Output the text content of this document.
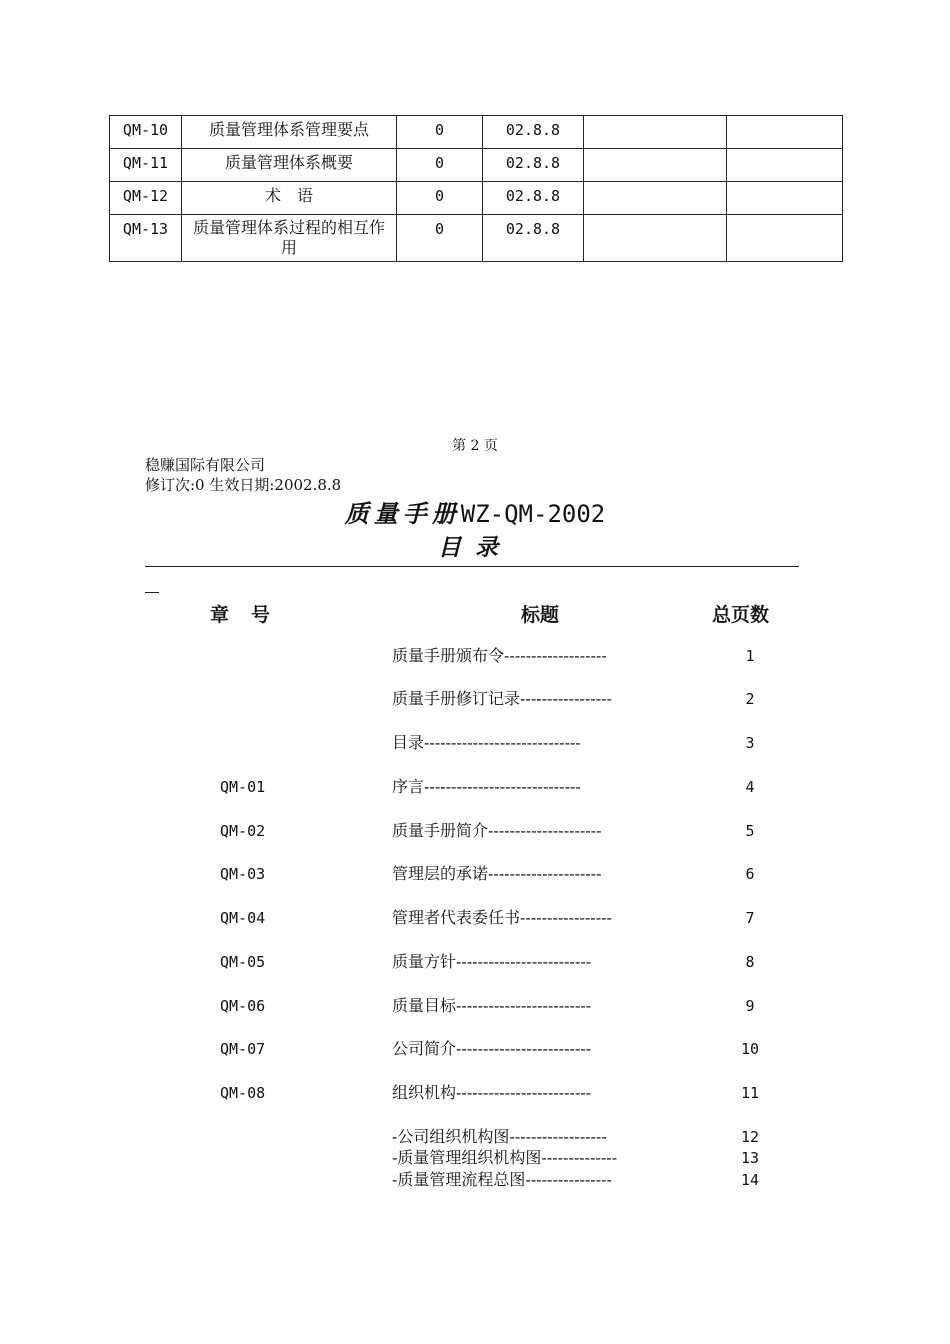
QM-10	质量管理体系管理要点	0	02.8.8		
QM-11	质量管理体系概要	0	02.8.8		
QM-12	术　语	0	02.8.8		
QM-13	质量管理体系过程的相互作用	0	02.8.8		
第 2 页
稳赚国际有限公司
修订次:0 生效日期:2002.8.8
质量手册WZ-QM-2002
目录
章号	标题	总页数
质量手册颁布令-------------------	1
质量手册修订记录-----------------	2
目录-----------------------------	3
QM-01	序言-----------------------------	4
QM-02	质量手册简介---------------------	5
QM-03	管理层的承诺---------------------	6
QM-04	管理者代表委任书-----------------	7
QM-05	质量方针-------------------------	8
QM-06	质量目标-------------------------	9
QM-07	公司简介-------------------------	10
QM-08	组织机构-------------------------	11
-公司组织机构图------------------	12
-质量管理组织机构图--------------	13
-质量管理流程总图----------------	14
